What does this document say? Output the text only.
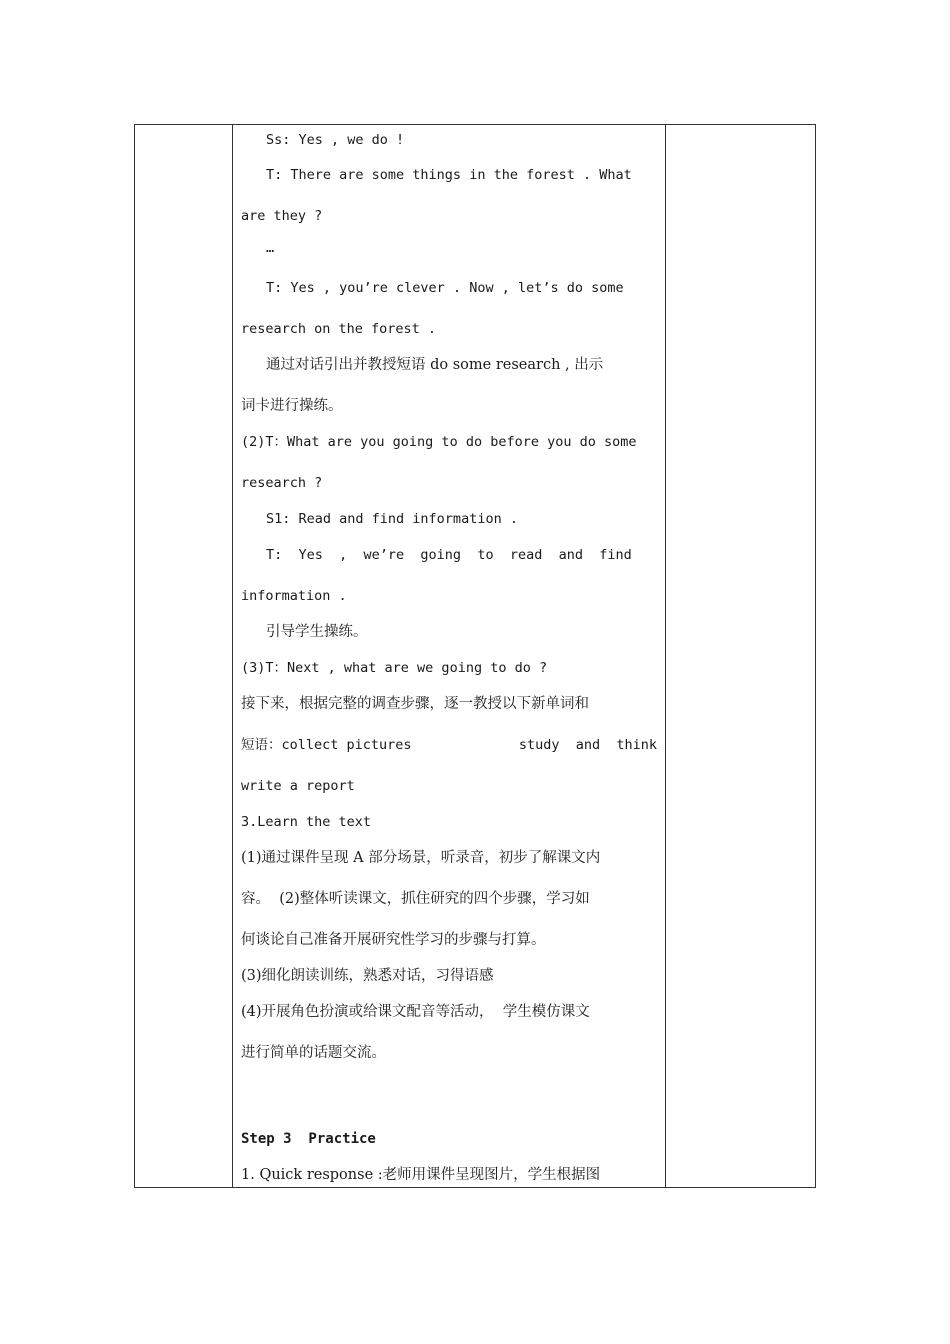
Ss: Yes , we do !
T: There are some things in the forest . What
are they ?
…
T: Yes , you’re clever . Now , let’s do some
research on the forest .
通过对话引出并教授短语 do some research , 出示
词卡进行操练。
(2)T：What are you going to do before you do some
research ?
S1: Read and find information .
T:  Yes  ,  we’re  going  to  read  and  find
information .
引导学生操练。
(3)T：Next , what are we going to do ?
接下来，根据完整的调查步骤，逐一教授以下新单词和
短语：collect pictures	study  and  think
write a report
3.Learn the text
(1)通过课件呈现 A 部分场景，听录音，初步了解课文内
容。  (2)整体听读课文，抓住研究的四个步骤，学习如
何谈论自己准备开展研究性学习的步骤与打算。
(3)细化朗读训练，熟悉对话，习得语感
(4)开展角色扮演或给课文配音等活动，  学生模仿课文
进行简单的话题交流。
Step 3  Practice
1. Quick response :老师用课件呈现图片，学生根据图
